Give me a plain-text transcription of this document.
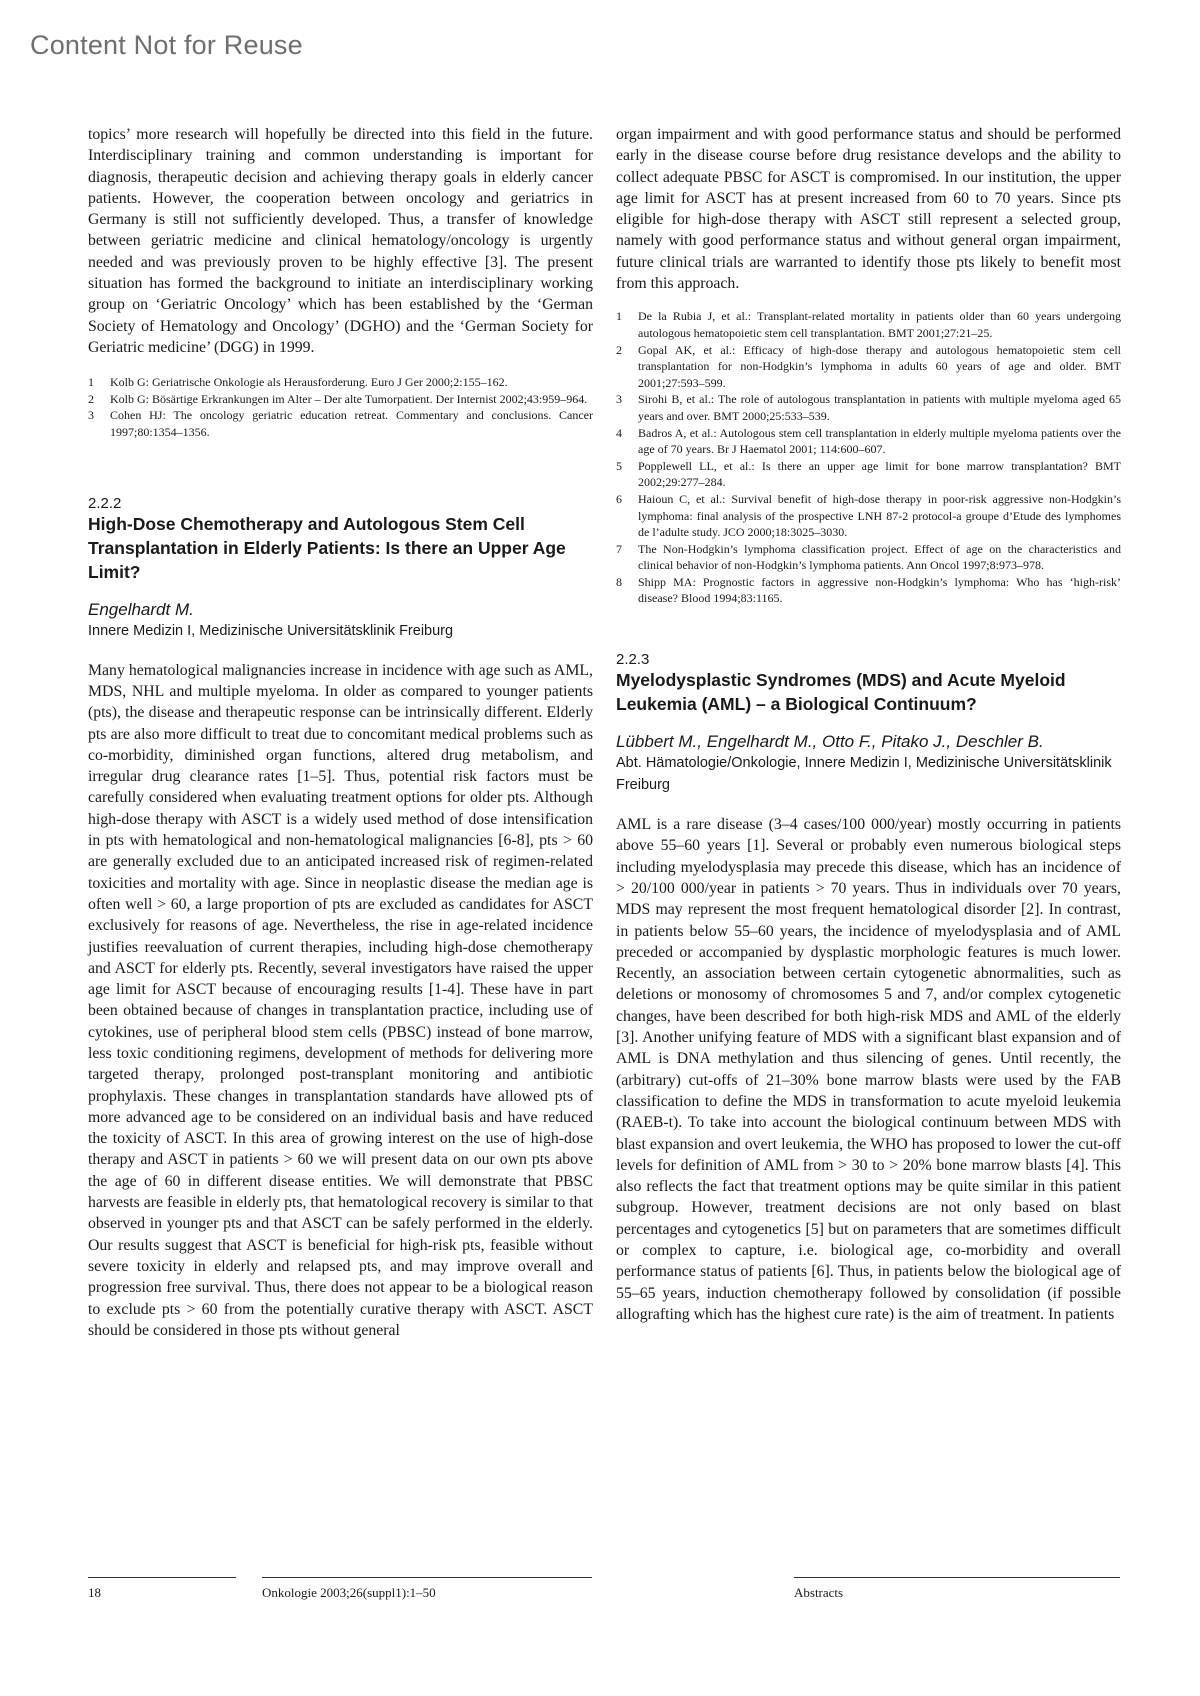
Content Not for Reuse

topics’ more research will hopefully be directed into this field in the future. Interdisciplinary training and common understanding is important for diagnosis, therapeutic decision and achieving therapy goals in elderly cancer patients. However, the cooperation between oncology and geriatrics in Germany is still not sufficiently developed. Thus, a transfer of knowledge between geriatric medicine and clinical hematology/oncology is urgently needed and was previously proven to be highly effective [3]. The present situation has formed the background to initiate an interdisciplinary working group on ‘Geriatric Oncology’ which has been established by the ‘German Society of Hematology and Oncology’ (DGHO) and the ‘German Society for Geriatric medicine’ (DGG) in 1999.

1 Kolb G: Geriatrische Onkologie als Herausforderung. Euro J Ger 2000;2:155–162.
2 Kolb G: Bösärtige Erkrankungen im Alter – Der alte Tumorpatient. Der Internist 2002;43:959–964.
3 Cohen HJ: The oncology geriatric education retreat. Commentary and conclusions. Cancer 1997;80:1354–1356.

2.2.2

High-Dose Chemotherapy and Autologous Stem Cell Transplantation in Elderly Patients: Is there an Upper Age Limit?

Engelhardt M.

Innere Medizin I, Medizinische Universitätsklinik Freiburg

Many hematological malignancies increase in incidence with age such as AML, MDS, NHL and multiple myeloma. In older as compared to younger patients (pts), the disease and therapeutic response can be intrinsically different. Elderly pts are also more difficult to treat due to concomitant medical problems such as co-morbidity, diminished organ functions, altered drug metabolism, and irregular drug clearance rates [1–5]. Thus, potential risk factors must be carefully considered when evaluating treatment options for older pts. Although high-dose therapy with ASCT is a widely used method of dose intensification in pts with hematological and non-hematological malignancies [6-8], pts > 60 are generally excluded due to an anticipated increased risk of regimen-related toxicities and mortality with age. Since in neoplastic disease the median age is often well > 60, a large proportion of pts are excluded as candidates for ASCT exclusively for reasons of age. Nevertheless, the rise in age-related incidence justifies reevaluation of current therapies, including high-dose chemotherapy and ASCT for elderly pts. Recently, several investigators have raised the upper age limit for ASCT because of encouraging results [1-4]. These have in part been obtained because of changes in transplantation practice, including use of cytokines, use of peripheral blood stem cells (PBSC) instead of bone marrow, less toxic conditioning regimens, development of methods for delivering more targeted therapy, prolonged post-transplant monitoring and antibiotic prophylaxis. These changes in transplantation standards have allowed pts of more advanced age to be considered on an individual basis and have reduced the toxicity of ASCT. In this area of growing interest on the use of high-dose therapy and ASCT in patients > 60 we will present data on our own pts above the age of 60 in different disease entities. We will demonstrate that PBSC harvests are feasible in elderly pts, that hematological recovery is similar to that observed in younger pts and that ASCT can be safely performed in the elderly. Our results suggest that ASCT is beneficial for high-risk pts, feasible without severe toxicity in elderly and relapsed pts, and may improve overall and progression free survival. Thus, there does not appear to be a biological reason to exclude pts > 60 from the potentially curative therapy with ASCT. ASCT should be considered in those pts without general

organ impairment and with good performance status and should be performed early in the disease course before drug resistance develops and the ability to collect adequate PBSC for ASCT is compromised. In our institution, the upper age limit for ASCT has at present increased from 60 to 70 years. Since pts eligible for high-dose therapy with ASCT still represent a selected group, namely with good performance status and without general organ impairment, future clinical trials are warranted to identify those pts likely to benefit most from this approach.

1 De la Rubia J, et al.: Transplant-related mortality in patients older than 60 years undergoing autologous hematopoietic stem cell transplantation. BMT 2001;27:21–25.
2 Gopal AK, et al.: Efficacy of high-dose therapy and autologous hematopoietic stem cell transplantation for non-Hodgkin’s lymphoma in adults 60 years of age and older. BMT 2001;27:593–599.
3 Sirohi B, et al.: The role of autologous transplantation in patients with multiple myeloma aged 65 years and over. BMT 2000;25:533–539.
4 Badros A, et al.: Autologous stem cell transplantation in elderly multiple myeloma patients over the age of 70 years. Br J Haematol 2001; 114:600–607.
5 Popplewell LL, et al.: Is there an upper age limit for bone marrow transplantation? BMT 2002;29:277–284.
6 Haioun C, et al.: Survival benefit of high-dose therapy in poor-risk aggressive non-Hodgkin’s lymphoma: final analysis of the prospective LNH 87-2 protocol-a groupe d’Etude des lymphomes de l’adulte study. JCO 2000;18:3025–3030.
7 The Non-Hodgkin’s lymphoma classification project. Effect of age on the characteristics and clinical behavior of non-Hodgkin’s lymphoma patients. Ann Oncol 1997;8:973–978.
8 Shipp MA: Prognostic factors in aggressive non-Hodgkin’s lymphoma: Who has ‘high-risk’ disease? Blood 1994;83:1165.

2.2.3

Myelodysplastic Syndromes (MDS) and Acute Myeloid Leukemia (AML) – a Biological Continuum?

Lübbert M., Engelhardt M., Otto F., Pitako J., Deschler B.

Abt. Hämatologie/Onkologie, Innere Medizin I, Medizinische Universitätsklinik Freiburg

AML is a rare disease (3–4 cases/100 000/year) mostly occurring in patients above 55–60 years [1]. Several or probably even numerous biological steps including myelodysplasia may precede this disease, which has an incidence of > 20/100 000/year in patients > 70 years. Thus in individuals over 70 years, MDS may represent the most frequent hematological disorder [2]. In contrast, in patients below 55–60 years, the incidence of myelodysplasia and of AML preceded or accompanied by dysplastic morphologic features is much lower. Recently, an association between certain cytogenetic abnormalities, such as deletions or monosomy of chromosomes 5 and 7, and/or complex cytogenetic changes, have been described for both high-risk MDS and AML of the elderly [3]. Another unifying feature of MDS with a significant blast expansion and of AML is DNA methylation and thus silencing of genes. Until recently, the (arbitrary) cut-offs of 21–30% bone marrow blasts were used by the FAB classification to define the MDS in transformation to acute myeloid leukemia (RAEB-t). To take into account the biological continuum between MDS with blast expansion and overt leukemia, the WHO has proposed to lower the cut-off levels for definition of AML from > 30 to > 20% bone marrow blasts [4]. This also reflects the fact that treatment options may be quite similar in this patient subgroup. However, treatment decisions are not only based on blast percentages and cytogenetics [5] but on parameters that are sometimes difficult or complex to capture, i.e. biological age, co-morbidity and overall performance status of patients [6]. Thus, in patients below the biological age of 55–65 years, induction chemotherapy followed by consolidation (if possible allografting which has the highest cure rate) is the aim of treatment. In patients

18	Onkologie 2003;26(suppl1):1–50	Abstracts
